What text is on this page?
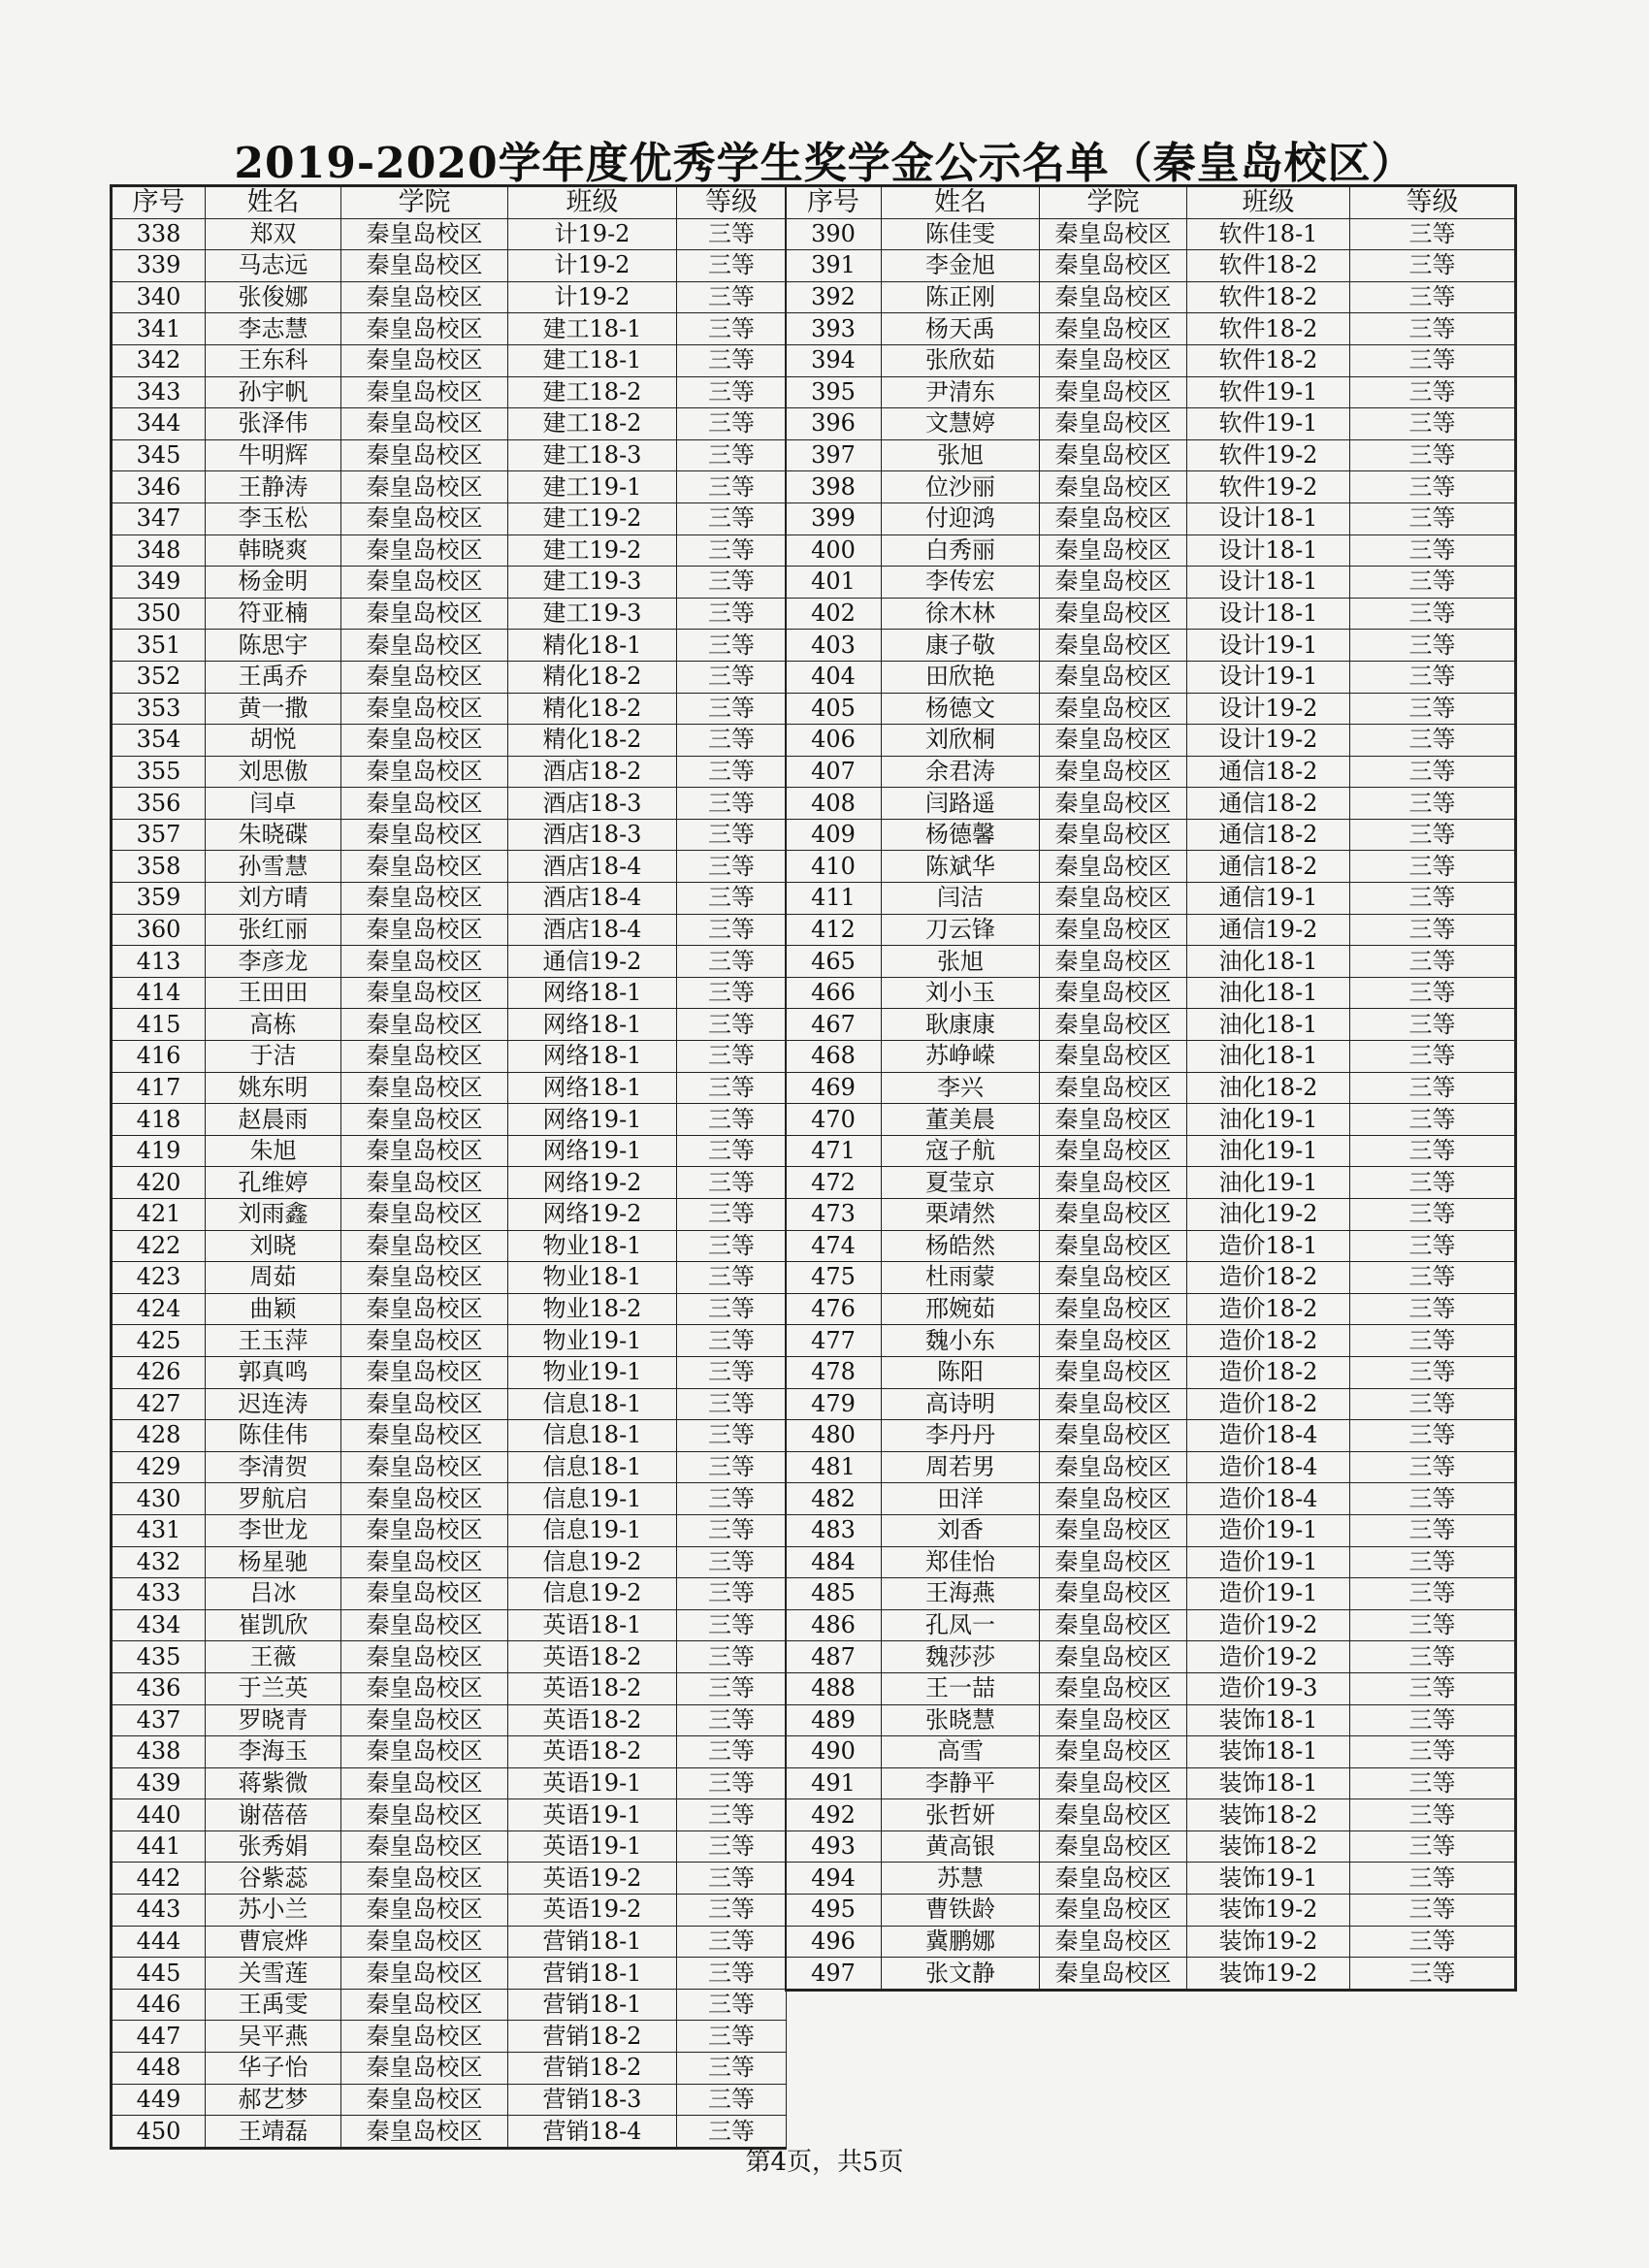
2019-2020学年度优秀学生奖学金公示名单（秦皇岛校区）
序号	姓名	学院	班级	等级
338	郑双	秦皇岛校区	计19-2	三等
339	马志远	秦皇岛校区	计19-2	三等
340	张俊娜	秦皇岛校区	计19-2	三等
341	李志慧	秦皇岛校区	建工18-1	三等
342	王东科	秦皇岛校区	建工18-1	三等
343	孙宇帆	秦皇岛校区	建工18-2	三等
344	张泽伟	秦皇岛校区	建工18-2	三等
345	牛明辉	秦皇岛校区	建工18-3	三等
346	王静涛	秦皇岛校区	建工19-1	三等
347	李玉松	秦皇岛校区	建工19-2	三等
348	韩晓爽	秦皇岛校区	建工19-2	三等
349	杨金明	秦皇岛校区	建工19-3	三等
350	符亚楠	秦皇岛校区	建工19-3	三等
351	陈思宇	秦皇岛校区	精化18-1	三等
352	王禹乔	秦皇岛校区	精化18-2	三等
353	黄一撒	秦皇岛校区	精化18-2	三等
354	胡悦	秦皇岛校区	精化18-2	三等
355	刘思傲	秦皇岛校区	酒店18-2	三等
356	闫卓	秦皇岛校区	酒店18-3	三等
357	朱晓碟	秦皇岛校区	酒店18-3	三等
358	孙雪慧	秦皇岛校区	酒店18-4	三等
359	刘方晴	秦皇岛校区	酒店18-4	三等
360	张红丽	秦皇岛校区	酒店18-4	三等
413	李彦龙	秦皇岛校区	通信19-2	三等
414	王田田	秦皇岛校区	网络18-1	三等
415	高栋	秦皇岛校区	网络18-1	三等
416	于洁	秦皇岛校区	网络18-1	三等
417	姚东明	秦皇岛校区	网络18-1	三等
418	赵晨雨	秦皇岛校区	网络19-1	三等
419	朱旭	秦皇岛校区	网络19-1	三等
420	孔维婷	秦皇岛校区	网络19-2	三等
421	刘雨鑫	秦皇岛校区	网络19-2	三等
422	刘晓	秦皇岛校区	物业18-1	三等
423	周茹	秦皇岛校区	物业18-1	三等
424	曲颖	秦皇岛校区	物业18-2	三等
425	王玉萍	秦皇岛校区	物业19-1	三等
426	郭真鸣	秦皇岛校区	物业19-1	三等
427	迟连涛	秦皇岛校区	信息18-1	三等
428	陈佳伟	秦皇岛校区	信息18-1	三等
429	李清贺	秦皇岛校区	信息18-1	三等
430	罗航启	秦皇岛校区	信息19-1	三等
431	李世龙	秦皇岛校区	信息19-1	三等
432	杨星驰	秦皇岛校区	信息19-2	三等
433	吕冰	秦皇岛校区	信息19-2	三等
434	崔凯欣	秦皇岛校区	英语18-1	三等
435	王薇	秦皇岛校区	英语18-2	三等
436	于兰英	秦皇岛校区	英语18-2	三等
437	罗晓青	秦皇岛校区	英语18-2	三等
438	李海玉	秦皇岛校区	英语18-2	三等
439	蒋紫微	秦皇岛校区	英语19-1	三等
440	谢蓓蓓	秦皇岛校区	英语19-1	三等
441	张秀娟	秦皇岛校区	英语19-1	三等
442	谷紫蕊	秦皇岛校区	英语19-2	三等
443	苏小兰	秦皇岛校区	英语19-2	三等
444	曹宸烨	秦皇岛校区	营销18-1	三等
445	关雪莲	秦皇岛校区	营销18-1	三等
446	王禹雯	秦皇岛校区	营销18-1	三等
447	吴平燕	秦皇岛校区	营销18-2	三等
448	华子怡	秦皇岛校区	营销18-2	三等
449	郝艺梦	秦皇岛校区	营销18-3	三等
450	王靖磊	秦皇岛校区	营销18-4	三等
序号	姓名	学院	班级	等级
390	陈佳雯	秦皇岛校区	软件18-1	三等
391	李金旭	秦皇岛校区	软件18-2	三等
392	陈正刚	秦皇岛校区	软件18-2	三等
393	杨天禹	秦皇岛校区	软件18-2	三等
394	张欣茹	秦皇岛校区	软件18-2	三等
395	尹清东	秦皇岛校区	软件19-1	三等
396	文慧婷	秦皇岛校区	软件19-1	三等
397	张旭	秦皇岛校区	软件19-2	三等
398	位沙丽	秦皇岛校区	软件19-2	三等
399	付迎鸿	秦皇岛校区	设计18-1	三等
400	白秀丽	秦皇岛校区	设计18-1	三等
401	李传宏	秦皇岛校区	设计18-1	三等
402	徐木林	秦皇岛校区	设计18-1	三等
403	康子敬	秦皇岛校区	设计19-1	三等
404	田欣艳	秦皇岛校区	设计19-1	三等
405	杨德文	秦皇岛校区	设计19-2	三等
406	刘欣桐	秦皇岛校区	设计19-2	三等
407	余君涛	秦皇岛校区	通信18-2	三等
408	闫路遥	秦皇岛校区	通信18-2	三等
409	杨德馨	秦皇岛校区	通信18-2	三等
410	陈斌华	秦皇岛校区	通信18-2	三等
411	闫洁	秦皇岛校区	通信19-1	三等
412	刀云锋	秦皇岛校区	通信19-2	三等
465	张旭	秦皇岛校区	油化18-1	三等
466	刘小玉	秦皇岛校区	油化18-1	三等
467	耿康康	秦皇岛校区	油化18-1	三等
468	苏峥嵘	秦皇岛校区	油化18-1	三等
469	李兴	秦皇岛校区	油化18-2	三等
470	董美晨	秦皇岛校区	油化19-1	三等
471	寇子航	秦皇岛校区	油化19-1	三等
472	夏莹京	秦皇岛校区	油化19-1	三等
473	栗靖然	秦皇岛校区	油化19-2	三等
474	杨皓然	秦皇岛校区	造价18-1	三等
475	杜雨蒙	秦皇岛校区	造价18-2	三等
476	邢婉茹	秦皇岛校区	造价18-2	三等
477	魏小东	秦皇岛校区	造价18-2	三等
478	陈阳	秦皇岛校区	造价18-2	三等
479	高诗明	秦皇岛校区	造价18-2	三等
480	李丹丹	秦皇岛校区	造价18-4	三等
481	周若男	秦皇岛校区	造价18-4	三等
482	田洋	秦皇岛校区	造价18-4	三等
483	刘香	秦皇岛校区	造价19-1	三等
484	郑佳怡	秦皇岛校区	造价19-1	三等
485	王海燕	秦皇岛校区	造价19-1	三等
486	孔凤一	秦皇岛校区	造价19-2	三等
487	魏莎莎	秦皇岛校区	造价19-2	三等
488	王一喆	秦皇岛校区	造价19-3	三等
489	张晓慧	秦皇岛校区	装饰18-1	三等
490	高雪	秦皇岛校区	装饰18-1	三等
491	李静平	秦皇岛校区	装饰18-1	三等
492	张哲妍	秦皇岛校区	装饰18-2	三等
493	黄高银	秦皇岛校区	装饰18-2	三等
494	苏慧	秦皇岛校区	装饰19-1	三等
495	曹铁龄	秦皇岛校区	装饰19-2	三等
496	冀鹏娜	秦皇岛校区	装饰19-2	三等
497	张文静	秦皇岛校区	装饰19-2	三等
第4页，共5页
